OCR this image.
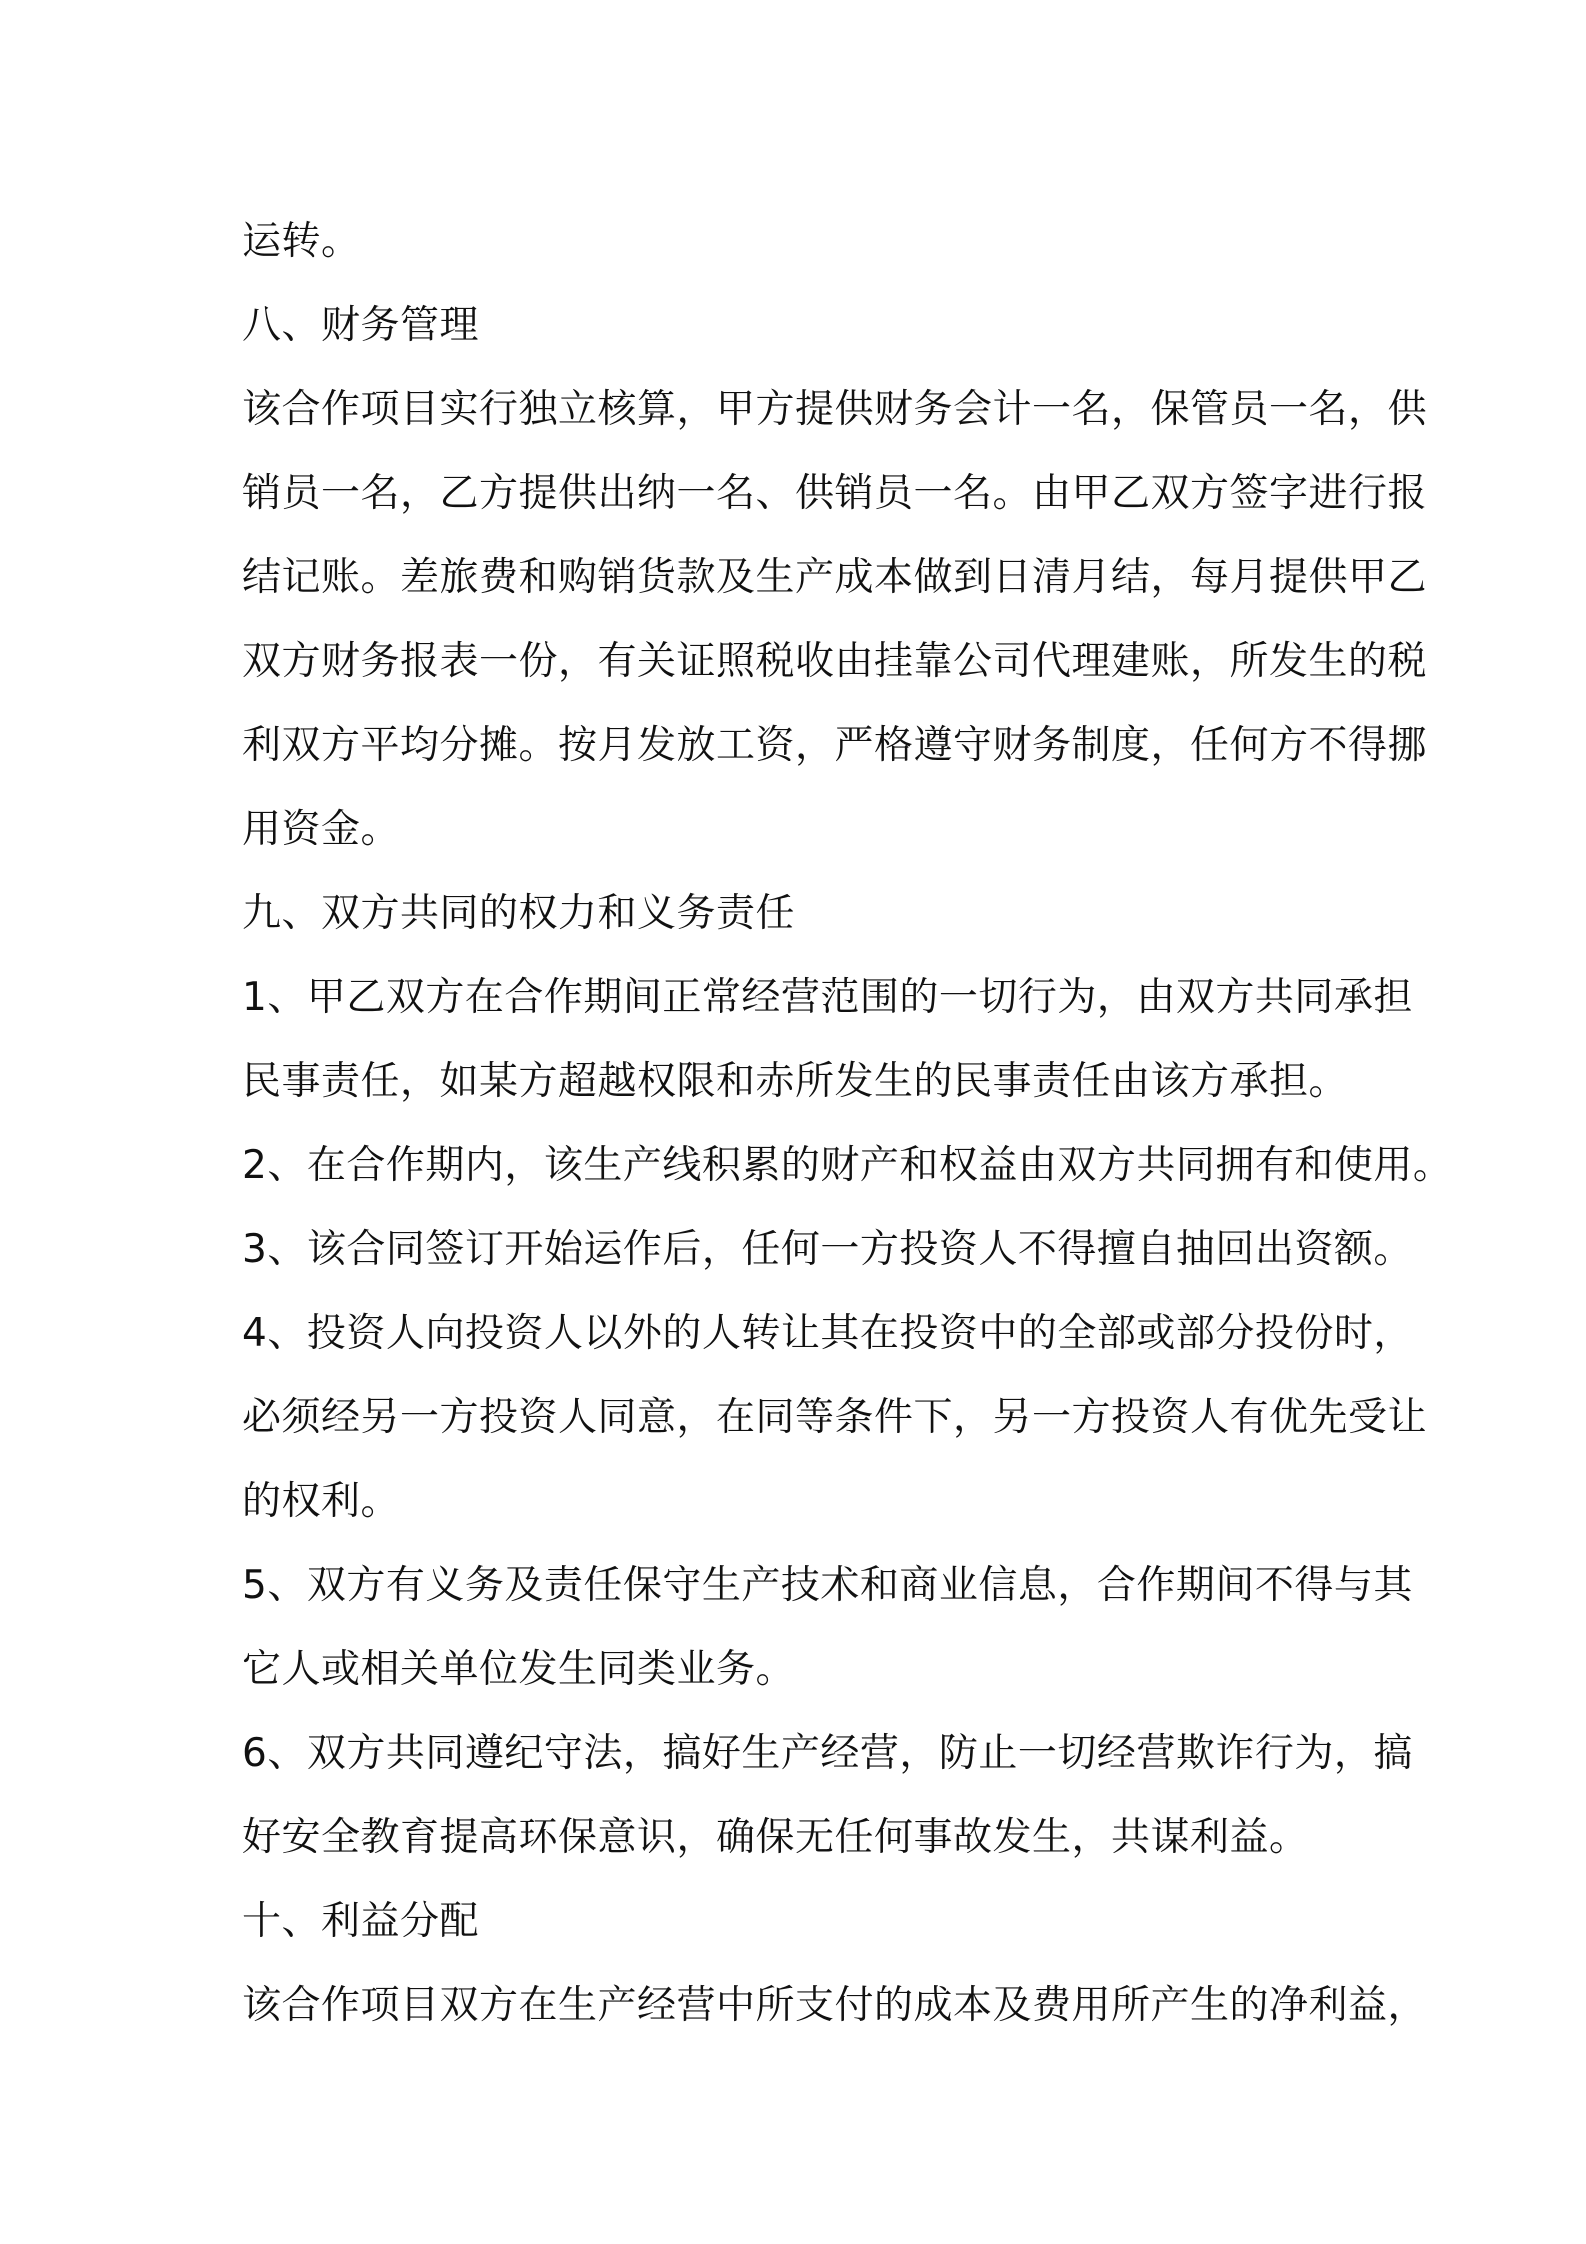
运转。
八、财务管理
该合作项目实行独立核算，甲方提供财务会计一名，保管员一名，供
销员一名，乙方提供出纳一名、供销员一名。由甲乙双方签字进行报
结记账。差旅费和购销货款及生产成本做到日清月结，每月提供甲乙
双方财务报表一份，有关证照税收由挂靠公司代理建账，所发生的税
利双方平均分摊。按月发放工资，严格遵守财务制度，任何方不得挪
用资金。
九、双方共同的权力和义务责任
1、甲乙双方在合作期间正常经营范围的一切行为，由双方共同承担
民事责任，如某方超越权限和赤所发生的民事责任由该方承担。
2、在合作期内，该生产线积累的财产和权益由双方共同拥有和使用。
3、该合同签订开始运作后，任何一方投资人不得擅自抽回出资额。
4、投资人向投资人以外的人转让其在投资中的全部或部分投份时，
必须经另一方投资人同意，在同等条件下，另一方投资人有优先受让
的权利。
5、双方有义务及责任保守生产技术和商业信息，合作期间不得与其
它人或相关单位发生同类业务。
6、双方共同遵纪守法，搞好生产经营，防止一切经营欺诈行为，搞
好安全教育提高环保意识，确保无任何事故发生，共谋利益。
十、利益分配
该合作项目双方在生产经营中所支付的成本及费用所产生的净利益，
